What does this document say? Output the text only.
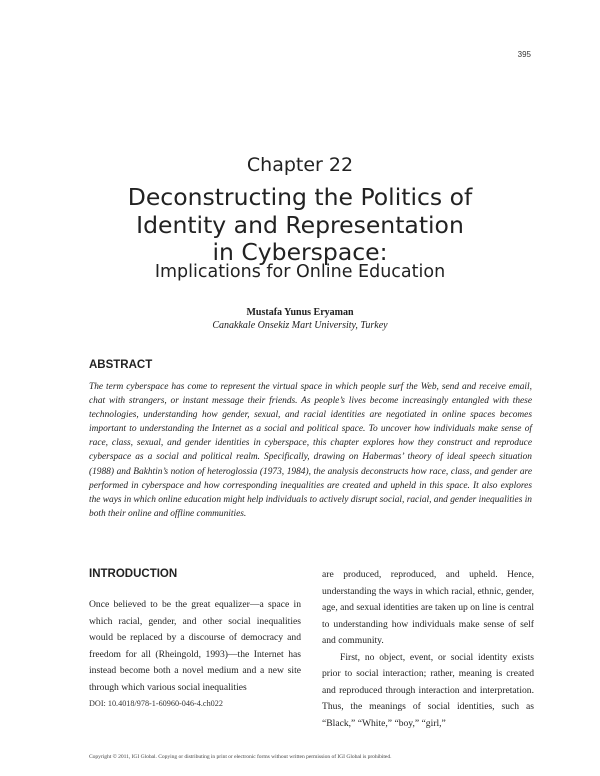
395
Chapter 22
Deconstructing the Politics of
Identity and Representation
in Cyberspace:
Implications for Online Education
Mustafa Yunus Eryaman
Canakkale Onsekiz Mart University, Turkey
ABSTRACT
The term cyberspace has come to represent the virtual space in which people surf the Web, send and receive email, chat with strangers, or instant message their friends. As people’s lives become increasingly entangled with these technologies, understanding how gender, sexual, and racial identities are negotiated in online spaces becomes important to understanding the Internet as a social and political space. To uncover how individuals make sense of race, class, sexual, and gender identities in cyberspace, this chapter explores how they construct and reproduce cyberspace as a social and political realm. Specifically, drawing on Habermas’ theory of ideal speech situation (1988) and Bakhtin’s notion of heteroglossia (1973, 1984), the analysis deconstructs how race, class, and gender are performed in cyberspace and how corresponding inequalities are created and upheld in this space. It also explores the ways in which online education might help individuals to actively disrupt social, racial, and gender inequalities in both their online and offline communities.
INTRODUCTION

Once believed to be the great equalizer—a space in which racial, gender, and other social inequalities would be replaced by a discourse of democracy and freedom for all (Rheingold, 1993)—the Internet has instead become both a novel medium and a new site through which various social inequalities

are produced, reproduced, and upheld. Hence, understanding the ways in which racial, ethnic, gender, age, and sexual identities are taken up on line is central to understanding how individuals make sense of self and community.

First, no object, event, or social identity exists prior to social interaction; rather, meaning is created and reproduced through interaction and interpretation. Thus, the meanings of social identities, such as “Black,” “White,” “boy,” “girl,”

DOI: 10.4018/978-1-60960-046-4.ch022
Copyright © 2011, IGI Global. Copying or distributing in print or electronic forms without written permission of IGI Global is prohibited.
